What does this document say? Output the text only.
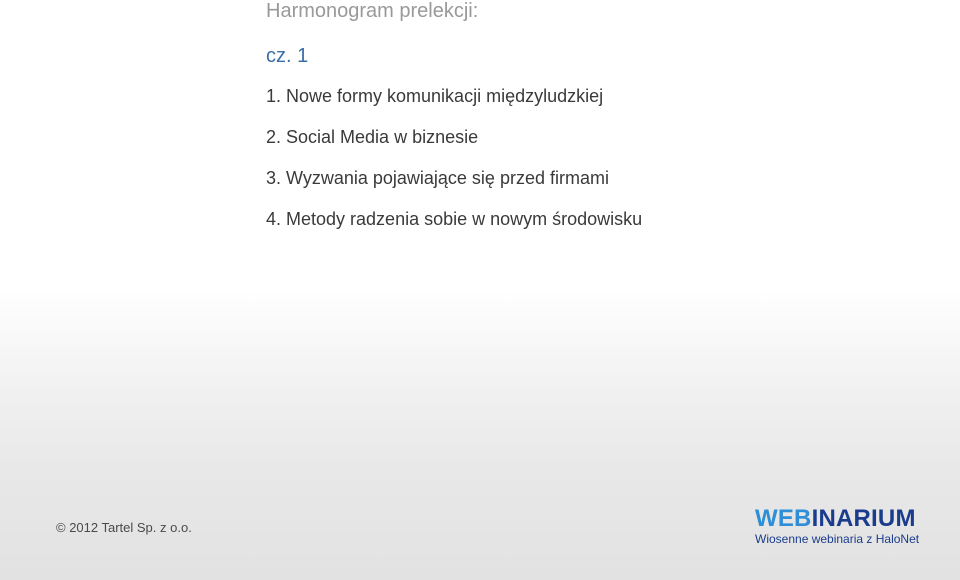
Harmonogram prelekcji:
cz. 1
1. Nowe formy komunikacji międzyludzkiej
2. Social Media w biznesie
3. Wyzwania pojawiające się przed firmami
4. Metody radzenia sobie w nowym środowisku
© 2012 Tartel Sp. z o.o.	WEBINARIUM
Wiosenne webinaria z HaloNet
